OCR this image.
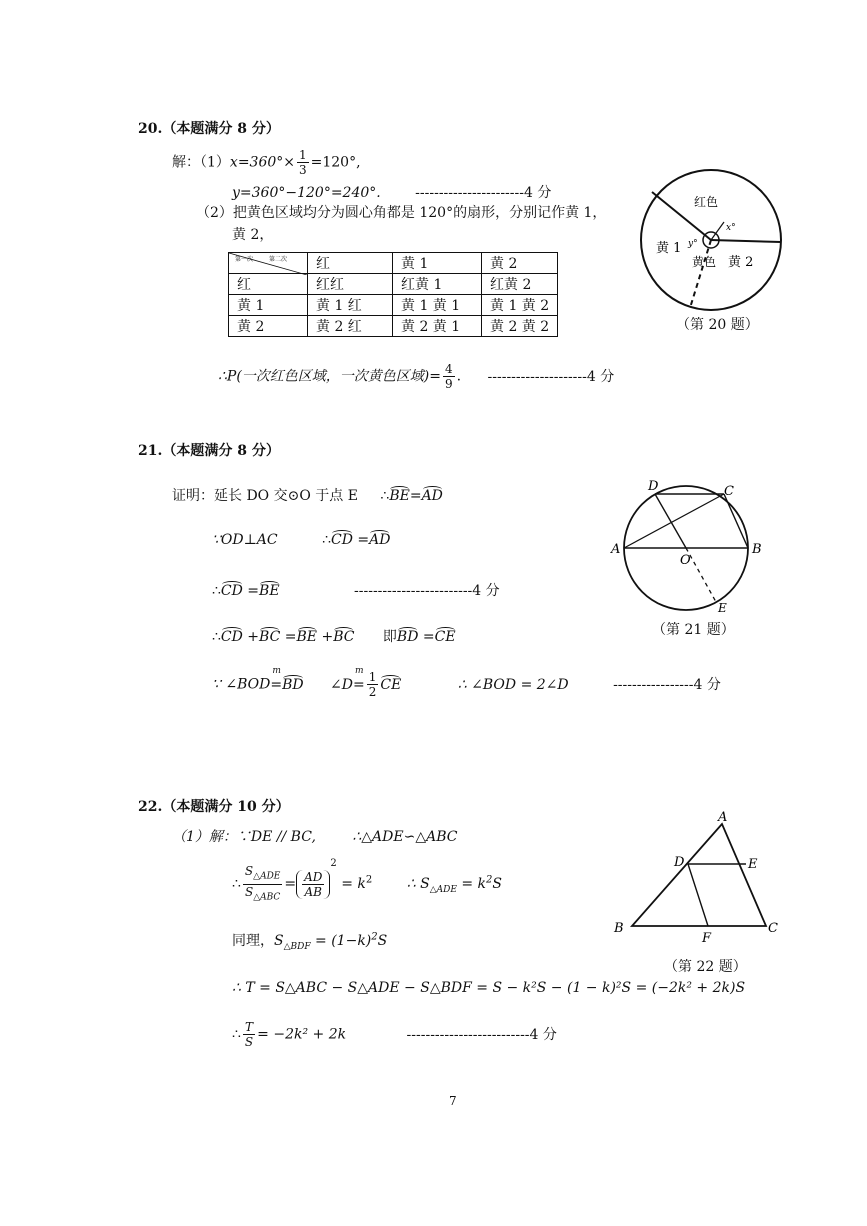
20.（本题满分 8 分）
解：$(1)x=360^\circ\times \frac{1}{3} =120^\circ$,
y=360°−120°=240°. -----------------------4 分
（2）把黄色区域均分为圆心角都是 120°的扇形，分别记作黄 1，
黄 2，
第一次 第二次	红	黄 1	黄 2
红	红红	红黄 1	红黄 2
黄 1	黄 1 红	黄 1 黄 1	黄 1 黄 2
黄 2	黄 2 红	黄 2 黄 1	黄 2 黄 2
∴P(一次红色区域，一次黄色区域)= $\frac{4}{9}$ . ---------------------4 分
红色
x°
y°
黄 1
黄色 黄 2
（第 20 题）
21.（本题满分 8 分）
证明：延长 DO 交⊙O 于点 E ∴BE=AD
∵OD⊥AC	∴CD =AD
∴CD =BE	-------------------------4 分
∴CD +BC =BE +BC 即BD =CE
∵ ∠BOD=
m
BD ∠D=
m $\frac{1}{2}$ CE	∴ ∠BOD = 2∠D	-----------------4 分
D	C
A	B
O
E
（第 21 题）
22.（本题满分 10 分）
（1）解：∵DE // BC,	∴△ADE∽△ABC
∴ $\frac{S_{\triangle ADE}}{S_{\triangle ABC}} = \frac{AD}{AB}$
$^2 = k^2$ ∴ $S_{\triangle ADE} = k^2S$
同理，$S_{\triangle BDF} = (1-k)^2S$
∴ T = S△ABC − S△ADE − S△BDF = S − k²S − (1 − k)²S = (−2k² + 2k)S
∴ $\frac{T}{S} = -2k^2 + 2k$	--------------------------4 分
A
D	E
B
F
C
（第 22 题）
7
